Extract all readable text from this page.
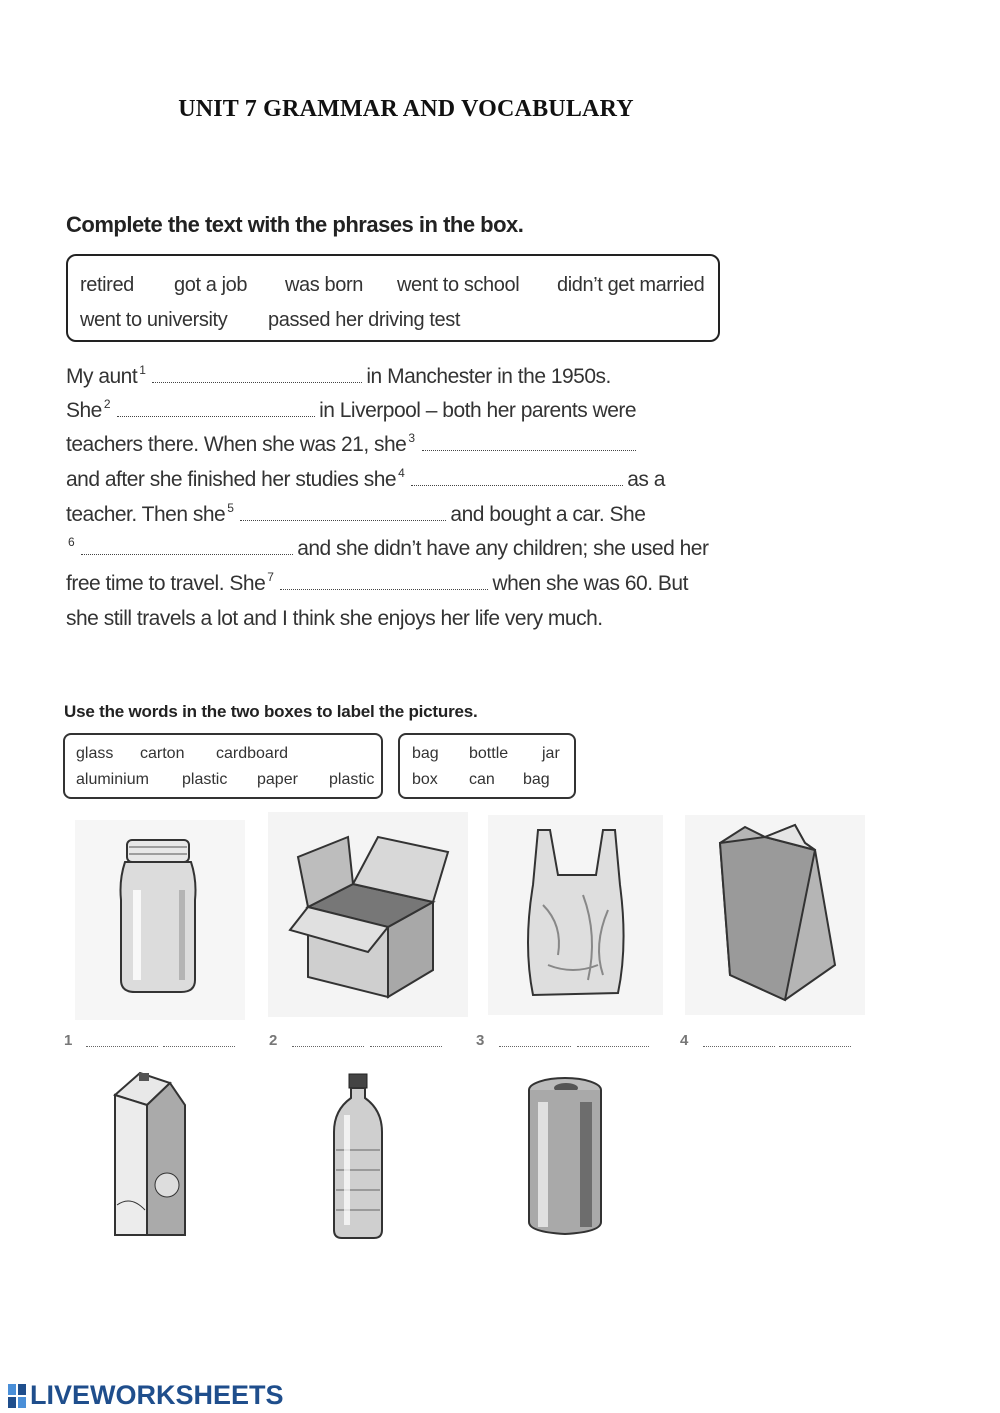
UNIT 7 GRAMMAR AND VOCABULARY
Complete the text with the phrases in the box.
retired got a job was born went to school didn’t get married
went to university passed her driving test
My aunt $^1$	in Manchester in the 1950s.
She $^2$	in Liverpool – both her parents were
teachers there. When she was 21, she $^3$
and after she finished her studies she $^4$	as a
teacher. Then she $^5$	and bought a car. She
$^6$	and she didn’t have any children; she used her
free time to travel. She $^7$	when she was 60. But
she still travels a lot and I think she enjoys her life very much.
Use the words in the two boxes to label the pictures.
glass carton cardboard
aluminium plastic paper plastic
bag bottle jar
box can bag
1	2	3	4
LIVEWORKSHEETS
